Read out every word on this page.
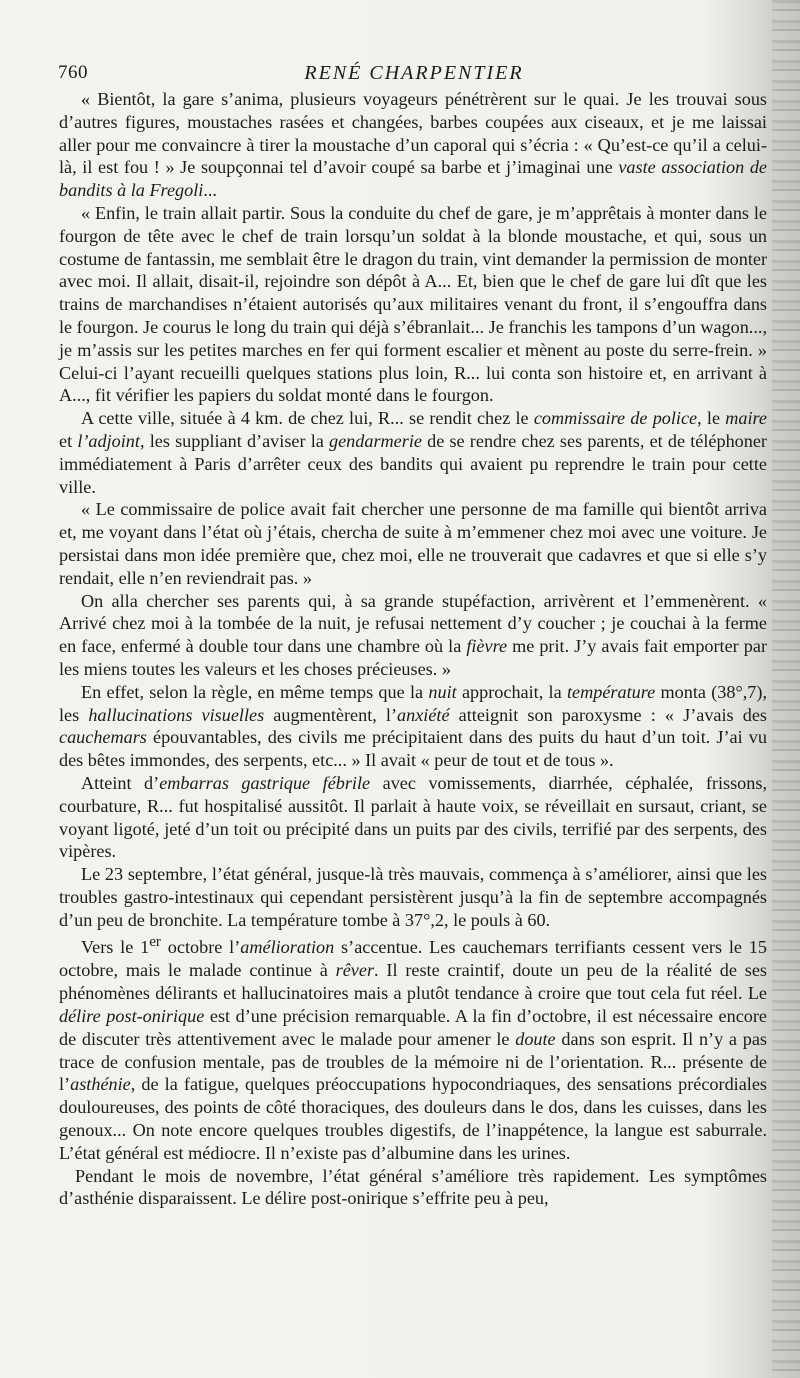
760	RENÉ CHARPENTIER

« Bientôt, la gare s’anima, plusieurs voyageurs pénétrèrent sur le quai. Je les trouvai sous d’autres figures, moustaches rasées et changées, barbes coupées aux ciseaux, et je me laissai aller pour me convaincre à tirer la moustache d’un caporal qui s’écria : « Qu’est-ce qu’il a celui-là, il est fou ! » Je soupçonnai tel d’avoir coupé sa barbe et j’imaginai une vaste association de bandits à la Fregoli...

« Enfin, le train allait partir. Sous la conduite du chef de gare, je m’apprêtais à monter dans le fourgon de tête avec le chef de train lorsqu’un soldat à la blonde moustache, et qui, sous un costume de fantassin, me semblait être le dragon du train, vint demander la permission de monter avec moi. Il allait, disait-il, rejoindre son dépôt à A... Et, bien que le chef de gare lui dît que les trains de marchandises n’étaient autorisés qu’aux militaires venant du front, il s’engouffra dans le fourgon. Je courus le long du train qui déjà s’ébranlait... Je franchis les tampons d’un wagon..., je m’assis sur les petites marches en fer qui forment escalier et mènent au poste du serre-frein. » Celui-ci l’ayant recueilli quelques stations plus loin, R... lui conta son histoire et, en arrivant à A..., fit vérifier les papiers du soldat monté dans le fourgon.

A cette ville, située à 4 km. de chez lui, R... se rendit chez le commissaire de police, le maire et l’adjoint, les suppliant d’aviser la gendarmerie de se rendre chez ses parents, et de téléphoner immédiatement à Paris d’arrêter ceux des bandits qui avaient pu reprendre le train pour cette ville.

« Le commissaire de police avait fait chercher une personne de ma famille qui bientôt arriva et, me voyant dans l’état où j’étais, chercha de suite à m’emmener chez moi avec une voiture. Je persistai dans mon idée première que, chez moi, elle ne trouverait que cadavres et que si elle s’y rendait, elle n’en reviendrait pas. »

On alla chercher ses parents qui, à sa grande stupéfaction, arrivèrent et l’emmenèrent. « Arrivé chez moi à la tombée de la nuit, je refusai nettement d’y coucher ; je couchai à la ferme en face, enfermé à double tour dans une chambre où la fièvre me prit. J’y avais fait emporter par les miens toutes les valeurs et les choses précieuses. »

En effet, selon la règle, en même temps que la nuit approchait, la température monta (38°,7), les hallucinations visuelles augmentèrent, l’anxiété atteignit son paroxysme : « J’avais des cauchemars épouvantables, des civils me précipitaient dans des puits du haut d’un toit. J’ai vu des bêtes immondes, des serpents, etc... » Il avait « peur de tout et de tous ».

Atteint d’embarras gastrique fébrile avec vomissements, diarrhée, céphalée, frissons, courbature, R... fut hospitalisé aussitôt. Il parlait à haute voix, se réveillait en sursaut, criant, se voyant ligoté, jeté d’un toit ou précipité dans un puits par des civils, terrifié par des serpents, des vipères.

Le 23 septembre, l’état général, jusque-là très mauvais, commença à s’améliorer, ainsi que les troubles gastro-intestinaux qui cependant persistèrent jusqu’à la fin de septembre accompagnés d’un peu de bronchite. La température tombe à 37°,2, le pouls à 60.

Vers le 1er octobre l’amélioration s’accentue. Les cauchemars terrifiants cessent vers le 15 octobre, mais le malade continue à rêver. Il reste craintif, doute un peu de la réalité de ses phénomènes délirants et hallucinatoires mais a plutôt tendance à croire que tout cela fut réel. Le délire post-onirique est d’une précision remarquable. A la fin d’octobre, il est nécessaire encore de discuter très attentivement avec le malade pour amener le doute dans son esprit. Il n’y a pas trace de confusion mentale, pas de troubles de la mémoire ni de l’orientation. R... présente de l’asthénie, de la fatigue, quelques préoccupations hypocondriaques, des sensations précordiales douloureuses, des points de côté thoraciques, des douleurs dans le dos, dans les cuisses, dans les genoux... On note encore quelques troubles digestifs, de l’inappétence, la langue est saburrale. L’état général est médiocre. Il n’existe pas d’albumine dans les urines.

Pendant le mois de novembre, l’état général s’améliore très rapidement. Les symptômes d’asthénie disparaissent. Le délire post-onirique s’effrite peu à peu,
